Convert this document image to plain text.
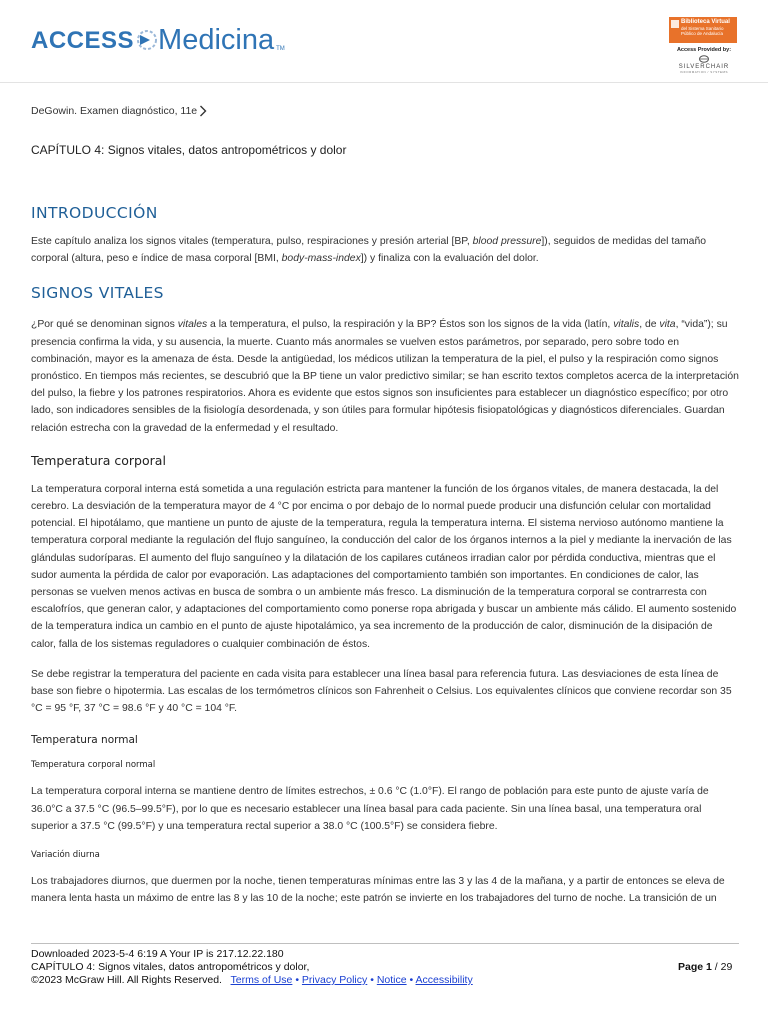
ACCESS Medicina TM
Biblioteca Virtual
del Sistema Sanitario Público de Andalucía
Access Provided by:
SILVERCHAIR
INFORMATION / SYSTEMS
DeGowin. Examen diagnóstico, 11e
CAPÍTULO 4: Signos vitales, datos antropométricos y dolor
INTRODUCCIÓN

Este capítulo analiza los signos vitales (temperatura, pulso, respiraciones y presión arterial [BP, blood pressure]), seguidos de medidas del tamaño corporal (altura, peso e índice de masa corporal [BMI, body-mass-index]) y finaliza con la evaluación del dolor.

SIGNOS VITALES

¿Por qué se denominan signos vitales a la temperatura, el pulso, la respiración y la BP? Éstos son los signos de la vida (latín, vitalis, de vita, “vida”); su presencia confirma la vida, y su ausencia, la muerte. Cuanto más anormales se vuelven estos parámetros, por separado, pero sobre todo en combinación, mayor es la amenaza de ésta. Desde la antigüedad, los médicos utilizan la temperatura de la piel, el pulso y la respiración como signos pronóstico. En tiempos más recientes, se descubrió que la BP tiene un valor predictivo similar; se han escrito textos completos acerca de la interpretación del pulso, la fiebre y los patrones respiratorios. Ahora es evidente que estos signos son insuficientes para establecer un diagnóstico específico; por otro lado, son indicadores sensibles de la fisiología desordenada, y son útiles para formular hipótesis fisiopatológicas y diagnósticos diferenciales. Guardan relación estrecha con la gravedad de la enfermedad y el resultado.

Temperatura corporal

La temperatura corporal interna está sometida a una regulación estricta para mantener la función de los órganos vitales, de manera destacada, la del cerebro. La desviación de la temperatura mayor de 4 °C por encima o por debajo de lo normal puede producir una disfunción celular con mortalidad potencial. El hipotálamo, que mantiene un punto de ajuste de la temperatura, regula la temperatura interna. El sistema nervioso autónomo mantiene la temperatura corporal mediante la regulación del flujo sanguíneo, la conducción del calor de los órganos internos a la piel y mediante la inervación de las glándulas sudoríparas. El aumento del flujo sanguíneo y la dilatación de los capilares cutáneos irradian calor por pérdida conductiva, mientras que el sudor aumenta la pérdida de calor por evaporación. Las adaptaciones del comportamiento también son importantes. En condiciones de calor, las personas se vuelven menos activas en busca de sombra o un ambiente más fresco. La disminución de la temperatura corporal se contrarresta con escalofríos, que generan calor, y adaptaciones del comportamiento como ponerse ropa abrigada y buscar un ambiente más cálido. El aumento sostenido de la temperatura indica un cambio en el punto de ajuste hipotalámico, ya sea incremento de la producción de calor, disminución de la disipación de calor, falla de los sistemas reguladores o cualquier combinación de éstos.

Se debe registrar la temperatura del paciente en cada visita para establecer una línea basal para referencia futura. Las desviaciones de esta línea de base son fiebre o hipotermia. Las escalas de los termómetros clínicos son Fahrenheit o Celsius. Los equivalentes clínicos que conviene recordar son 35 °C = 95 °F, 37 °C = 98.6 °F y 40 °C = 104 °F.

Temperatura normal
Temperatura corporal normal

La temperatura corporal interna se mantiene dentro de límites estrechos, ± 0.6 °C (1.0°F). El rango de población para este punto de ajuste varía de 36.0°C a 37.5 °C (96.5–99.5°F), por lo que es necesario establecer una línea basal para cada paciente. Sin una línea basal, una temperatura oral superior a 37.5 °C (99.5°F) y una temperatura rectal superior a 38.0 °C (100.5°F) se considera fiebre.

Variación diurna

Los trabajadores diurnos, que duermen por la noche, tienen temperaturas mínimas entre las 3 y las 4 de la mañana, y a partir de entonces se eleva de manera lenta hasta un máximo de entre las 8 y las 10 de la noche; este patrón se invierte en los trabajadores del turno de noche. La transición de un

Downloaded 2023-5-4 6:19 A Your IP is 217.12.22.180
CAPÍTULO 4: Signos vitales, datos antropométricos y dolor,
©2023 McGraw Hill. All Rights Reserved. Terms of Use • Privacy Policy • Notice • Accessibility
Page 1 / 29
